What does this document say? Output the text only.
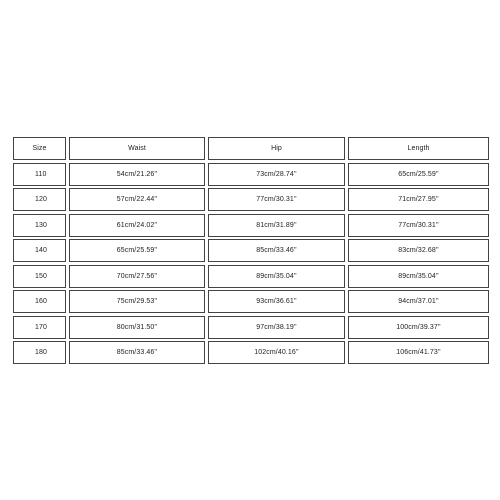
Size	Waist	Hip	Length
110	54cm/21.26''	73cm/28.74''	65cm/25.59''
120	57cm/22.44''	77cm/30.31''	71cm/27.95''
130	61cm/24.02''	81cm/31.89''	77cm/30.31''
140	65cm/25.59''	85cm/33.46''	83cm/32.68''
150	70cm/27.56''	89cm/35.04''	89cm/35.04''
160	75cm/29.53''	93cm/36.61''	94cm/37.01''
170	80cm/31.50''	97cm/38.19''	100cm/39.37''
180	85cm/33.46''	102cm/40.16''	106cm/41.73''
